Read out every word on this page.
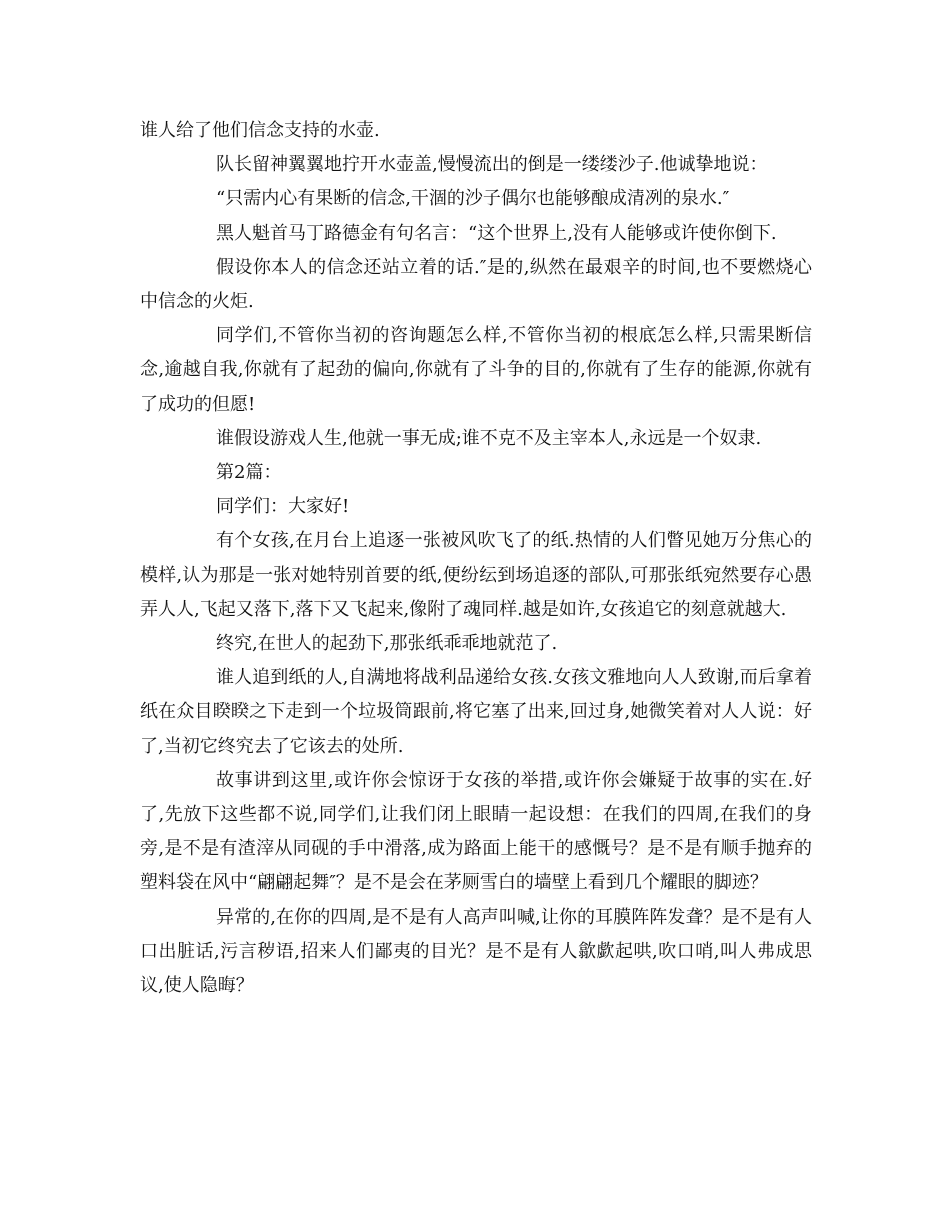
谁人给了他们信念支持的水壶.

队长留神翼翼地拧开水壶盖,慢慢流出的倒是一缕缕沙子.他诚挚地说：

“只需内心有果断的信念,干涸的沙子偶尔也能够酿成清冽的泉水.″

黑人魁首马丁路德金有句名言：“这个世界上,没有人能够或许使你倒下.

假设你本人的信念还站立着的话.″是的,纵然在最艰辛的时间,也不要燃烧心中信念的火炬.

同学们,不管你当初的咨询题怎么样,不管你当初的根底怎么样,只需果断信念,逾越自我,你就有了起劲的偏向,你就有了斗争的目的,你就有了生存的能源,你就有了成功的但愿!

谁假设游戏人生,他就一事无成;谁不克不及主宰本人,永远是一个奴隶.

第2篇：

同学们：大家好!

有个女孩,在月台上追逐一张被风吹飞了的纸.热情的人们瞥见她万分焦心的模样,认为那是一张对她特别首要的纸,便纷纭到场追逐的部队,可那张纸宛然要存心愚弄人人,飞起又落下,落下又飞起来,像附了魂同样.越是如许,女孩追它的刻意就越大.

终究,在世人的起劲下,那张纸乖乖地就范了.

谁人追到纸的人,自满地将战利品递给女孩.女孩文雅地向人人致谢,而后拿着纸在众目睽睽之下走到一个垃圾筒跟前,将它塞了出来,回过身,她微笑着对人人说：好了,当初它终究去了它该去的处所.

故事讲到这里,或许你会惊讶于女孩的举措,或许你会嫌疑于故事的实在.好了,先放下这些都不说,同学们,让我们闭上眼睛一起设想：在我们的四周,在我们的身旁,是不是有渣滓从同砚的手中滑落,成为路面上能干的感慨号？是不是有顺手抛弃的塑料袋在风中“翩翩起舞″？是不是会在茅厕雪白的墙壁上看到几个耀眼的脚迹？

异常的,在你的四周,是不是有人高声叫喊,让你的耳膜阵阵发聋？是不是有人口出脏话,污言秽语,招来人们鄙夷的目光？是不是有人歙歔起哄,吹口哨,叫人弗成思议,使人隐晦？
